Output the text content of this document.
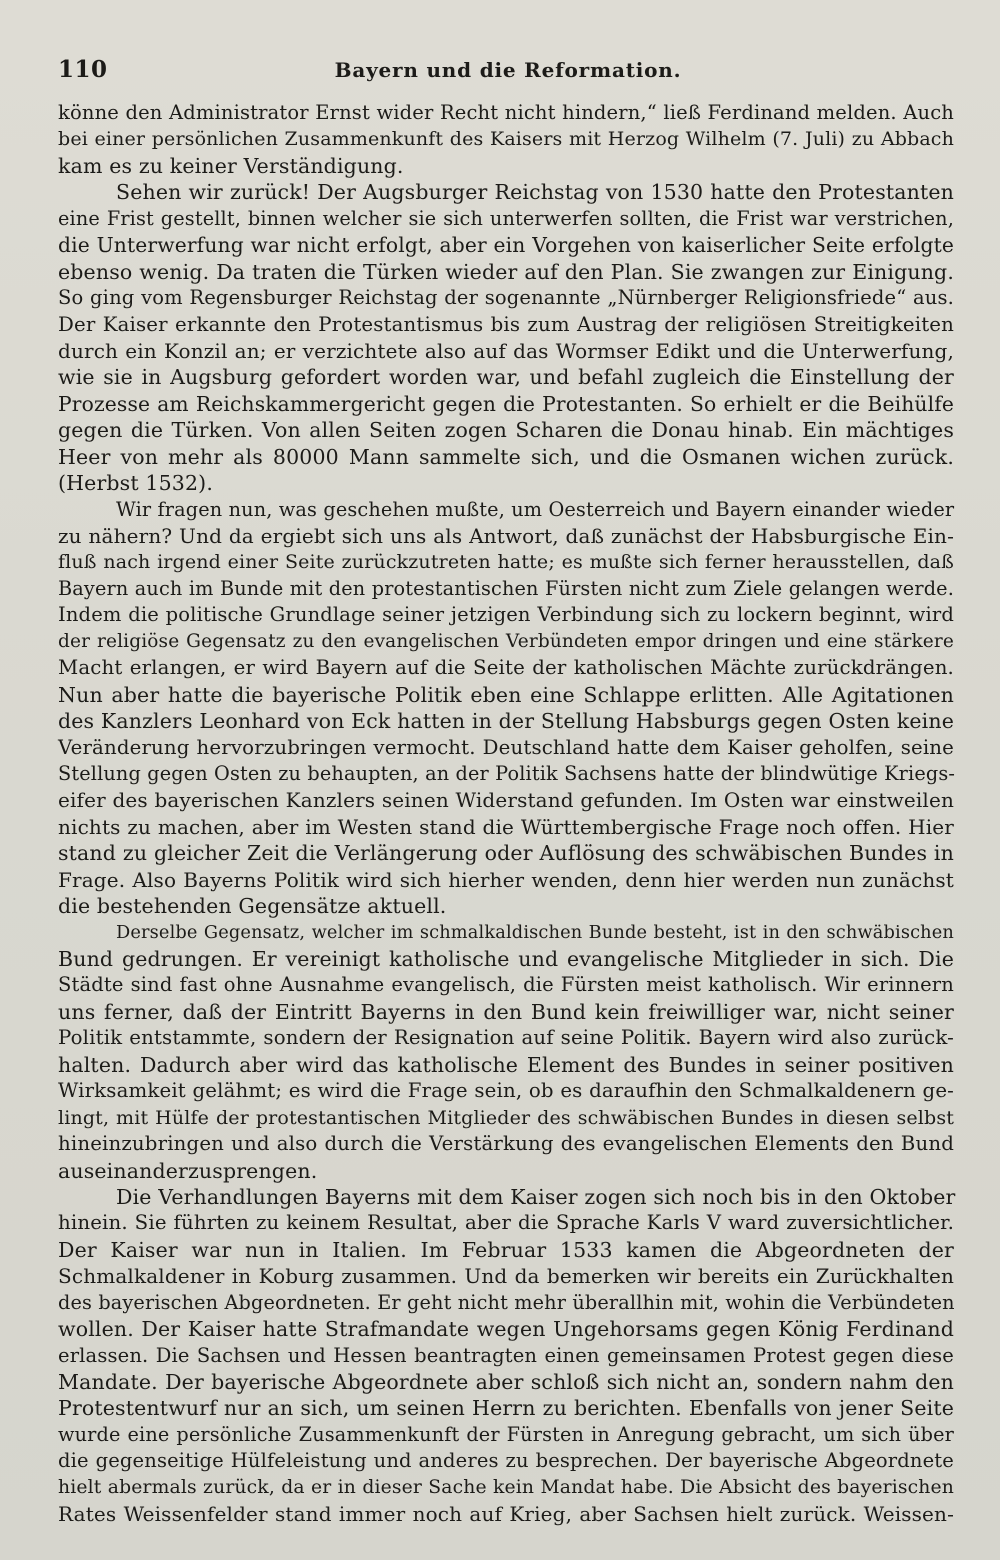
110	Bayern und die Reformation.
könne den Administrator Ernst wider Recht nicht hindern,“ ließ Ferdinand melden. Auch
bei einer persönlichen Zusammenkunft des Kaisers mit Herzog Wilhelm (7. Juli) zu Abbach
kam es zu keiner Verständigung.
Sehen wir zurück! Der Augsburger Reichstag von 1530 hatte den Protestanten
eine Frist gestellt, binnen welcher sie sich unterwerfen sollten, die Frist war verstrichen,
die Unterwerfung war nicht erfolgt, aber ein Vorgehen von kaiserlicher Seite erfolgte
ebenso wenig. Da traten die Türken wieder auf den Plan. Sie zwangen zur Einigung.
So ging vom Regensburger Reichstag der sogenannte „Nürnberger Religionsfriede“ aus.
Der Kaiser erkannte den Protestantismus bis zum Austrag der religiösen Streitigkeiten
durch ein Konzil an; er verzichtete also auf das Wormser Edikt und die Unterwerfung,
wie sie in Augsburg gefordert worden war, und befahl zugleich die Einstellung der
Prozesse am Reichskammergericht gegen die Protestanten. So erhielt er die Beihülfe
gegen die Türken. Von allen Seiten zogen Scharen die Donau hinab. Ein mächtiges
Heer von mehr als 80000 Mann sammelte sich, und die Osmanen wichen zurück.
(Herbst 1532).
Wir fragen nun, was geschehen mußte, um Oesterreich und Bayern einander wieder
zu nähern? Und da ergiebt sich uns als Antwort, daß zunächst der Habsburgische Ein-
fluß nach irgend einer Seite zurückzutreten hatte; es mußte sich ferner herausstellen, daß
Bayern auch im Bunde mit den protestantischen Fürsten nicht zum Ziele gelangen werde.
Indem die politische Grundlage seiner jetzigen Verbindung sich zu lockern beginnt, wird
der religiöse Gegensatz zu den evangelischen Verbündeten empor dringen und eine stärkere
Macht erlangen, er wird Bayern auf die Seite der katholischen Mächte zurückdrängen.
Nun aber hatte die bayerische Politik eben eine Schlappe erlitten. Alle Agitationen
des Kanzlers Leonhard von Eck hatten in der Stellung Habsburgs gegen Osten keine
Veränderung hervorzubringen vermocht. Deutschland hatte dem Kaiser geholfen, seine
Stellung gegen Osten zu behaupten, an der Politik Sachsens hatte der blindwütige Kriegs-
eifer des bayerischen Kanzlers seinen Widerstand gefunden. Im Osten war einstweilen
nichts zu machen, aber im Westen stand die Württembergische Frage noch offen. Hier
stand zu gleicher Zeit die Verlängerung oder Auflösung des schwäbischen Bundes in
Frage. Also Bayerns Politik wird sich hierher wenden, denn hier werden nun zunächst
die bestehenden Gegensätze aktuell.
Derselbe Gegensatz, welcher im schmalkaldischen Bunde besteht, ist in den schwäbischen
Bund gedrungen. Er vereinigt katholische und evangelische Mitglieder in sich. Die
Städte sind fast ohne Ausnahme evangelisch, die Fürsten meist katholisch. Wir erinnern
uns ferner, daß der Eintritt Bayerns in den Bund kein freiwilliger war, nicht seiner
Politik entstammte, sondern der Resignation auf seine Politik. Bayern wird also zurück-
halten. Dadurch aber wird das katholische Element des Bundes in seiner positiven
Wirksamkeit gelähmt; es wird die Frage sein, ob es daraufhin den Schmalkaldenern ge-
lingt, mit Hülfe der protestantischen Mitglieder des schwäbischen Bundes in diesen selbst
hineinzubringen und also durch die Verstärkung des evangelischen Elements den Bund
auseinanderzusprengen.
Die Verhandlungen Bayerns mit dem Kaiser zogen sich noch bis in den Oktober
hinein. Sie führten zu keinem Resultat, aber die Sprache Karls V ward zuversichtlicher.
Der Kaiser war nun in Italien. Im Februar 1533 kamen die Abgeordneten der
Schmalkaldener in Koburg zusammen. Und da bemerken wir bereits ein Zurückhalten
des bayerischen Abgeordneten. Er geht nicht mehr überallhin mit, wohin die Verbündeten
wollen. Der Kaiser hatte Strafmandate wegen Ungehorsams gegen König Ferdinand
erlassen. Die Sachsen und Hessen beantragten einen gemeinsamen Protest gegen diese
Mandate. Der bayerische Abgeordnete aber schloß sich nicht an, sondern nahm den
Protestentwurf nur an sich, um seinen Herrn zu berichten. Ebenfalls von jener Seite
wurde eine persönliche Zusammenkunft der Fürsten in Anregung gebracht, um sich über
die gegenseitige Hülfeleistung und anderes zu besprechen. Der bayerische Abgeordnete
hielt abermals zurück, da er in dieser Sache kein Mandat habe. Die Absicht des bayerischen
Rates Weissenfelder stand immer noch auf Krieg, aber Sachsen hielt zurück. Weissen-
